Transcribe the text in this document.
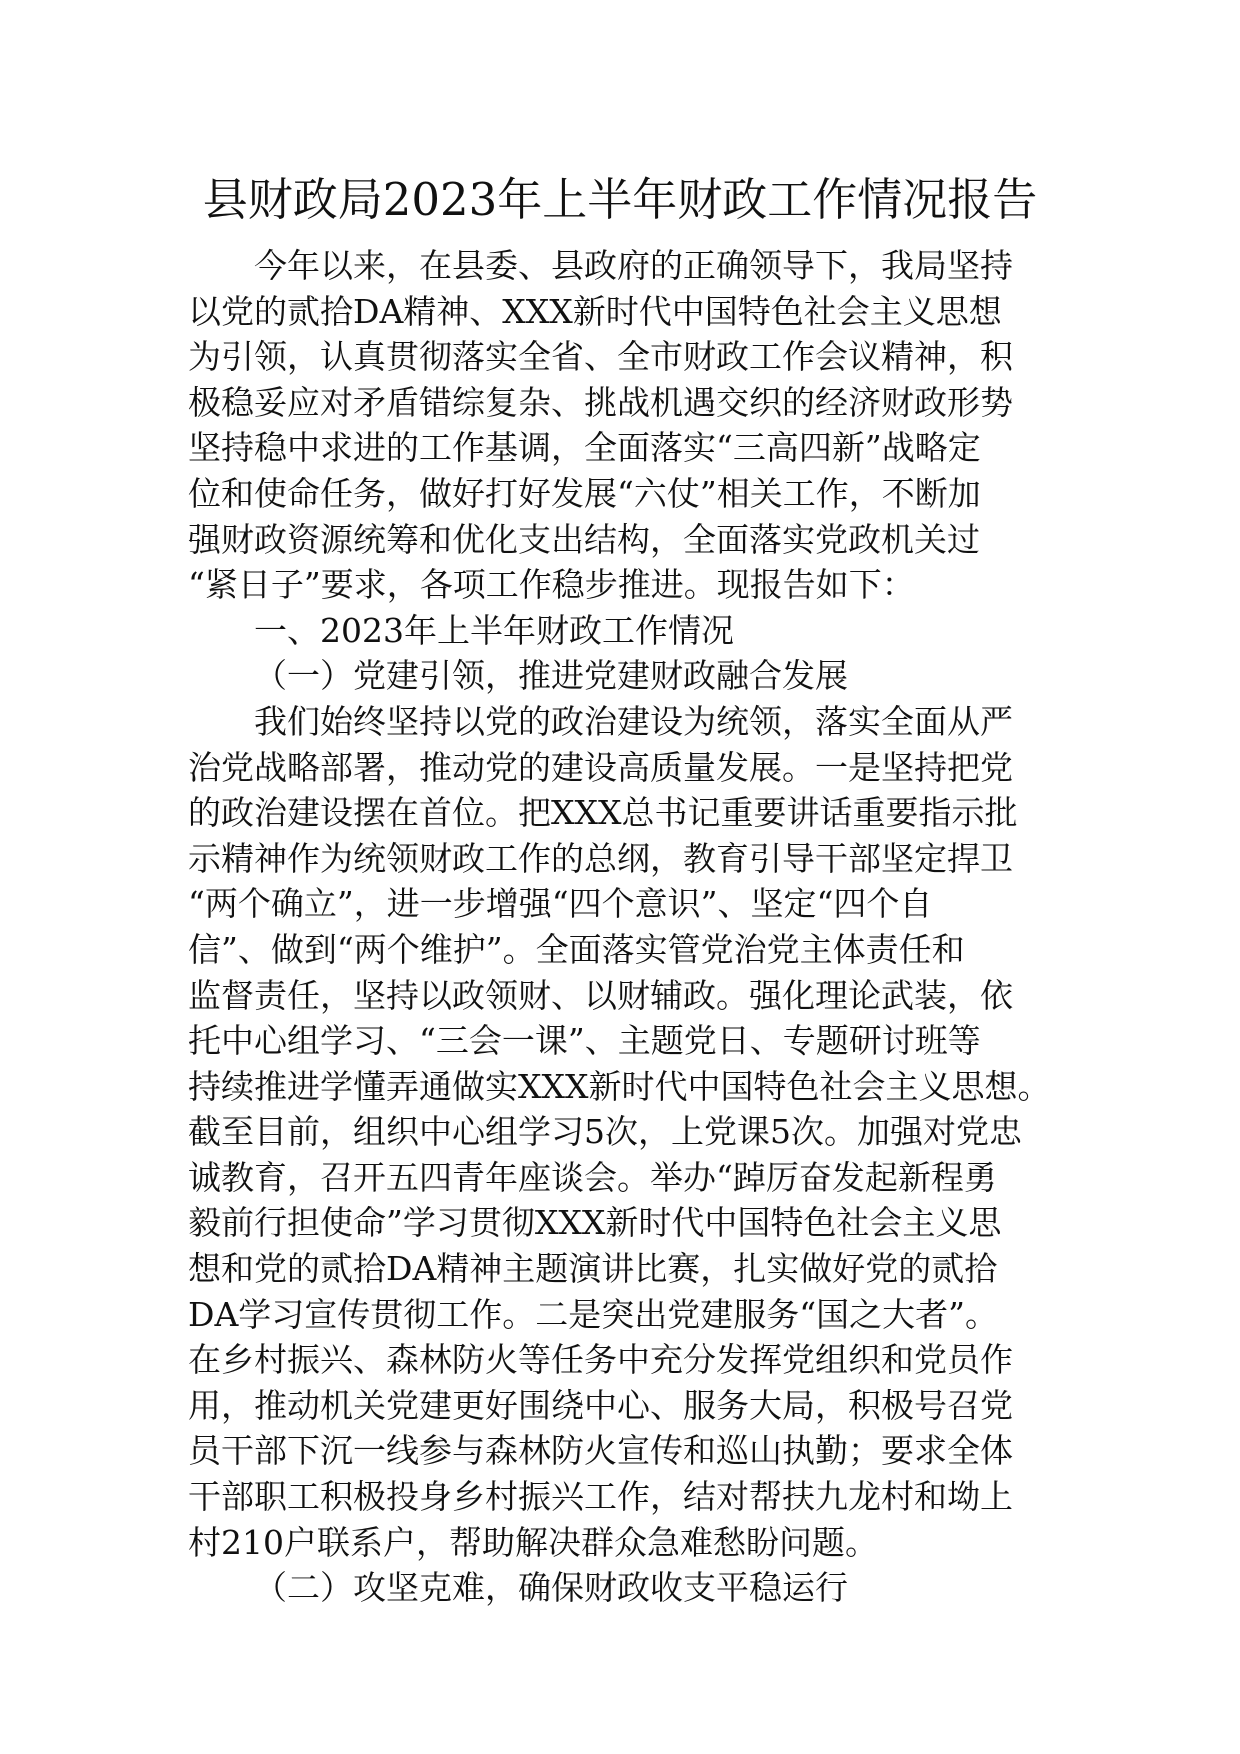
县财政局2023年上半年财政工作情况报告
今年以来，在县委、县政府的正确领导下，我局坚持
以党的贰拾DA精神、XXX新时代中国特色社会主义思想
为引领，认真贯彻落实全省、全市财政工作会议精神，积
极稳妥应对矛盾错综复杂、挑战机遇交织的经济财政形势
坚持稳中求进的工作基调，全面落实“三高四新”战略定
位和使命任务，做好打好发展“六仗”相关工作，不断加
强财政资源统筹和优化支出结构，全面落实党政机关过
“紧日子”要求，各项工作稳步推进。现报告如下：
一、2023年上半年财政工作情况
（一）党建引领，推进党建财政融合发展
我们始终坚持以党的政治建设为统领，落实全面从严
治党战略部署，推动党的建设高质量发展。一是坚持把党
的政治建设摆在首位。把XXX总书记重要讲话重要指示批
示精神作为统领财政工作的总纲，教育引导干部坚定捍卫
“两个确立”，进一步增强“四个意识”、坚定“四个自
信”、做到“两个维护”。全面落实管党治党主体责任和
监督责任，坚持以政领财、以财辅政。强化理论武装，依
托中心组学习、“三会一课”、主题党日、专题研讨班等
持续推进学懂弄通做实XXX新时代中国特色社会主义思想。
截至目前，组织中心组学习5次，上党课5次。加强对党忠
诚教育，召开五四青年座谈会。举办“踔厉奋发起新程勇
毅前行担使命”学习贯彻XXX新时代中国特色社会主义思
想和党的贰拾DA精神主题演讲比赛，扎实做好党的贰拾
DA学习宣传贯彻工作。二是突出党建服务“国之大者”。
在乡村振兴、森林防火等任务中充分发挥党组织和党员作
用，推动机关党建更好围绕中心、服务大局，积极号召党
员干部下沉一线参与森林防火宣传和巡山执勤；要求全体
干部职工积极投身乡村振兴工作，结对帮扶九龙村和坳上
村210户联系户，帮助解决群众急难愁盼问题。
（二）攻坚克难，确保财政收支平稳运行
